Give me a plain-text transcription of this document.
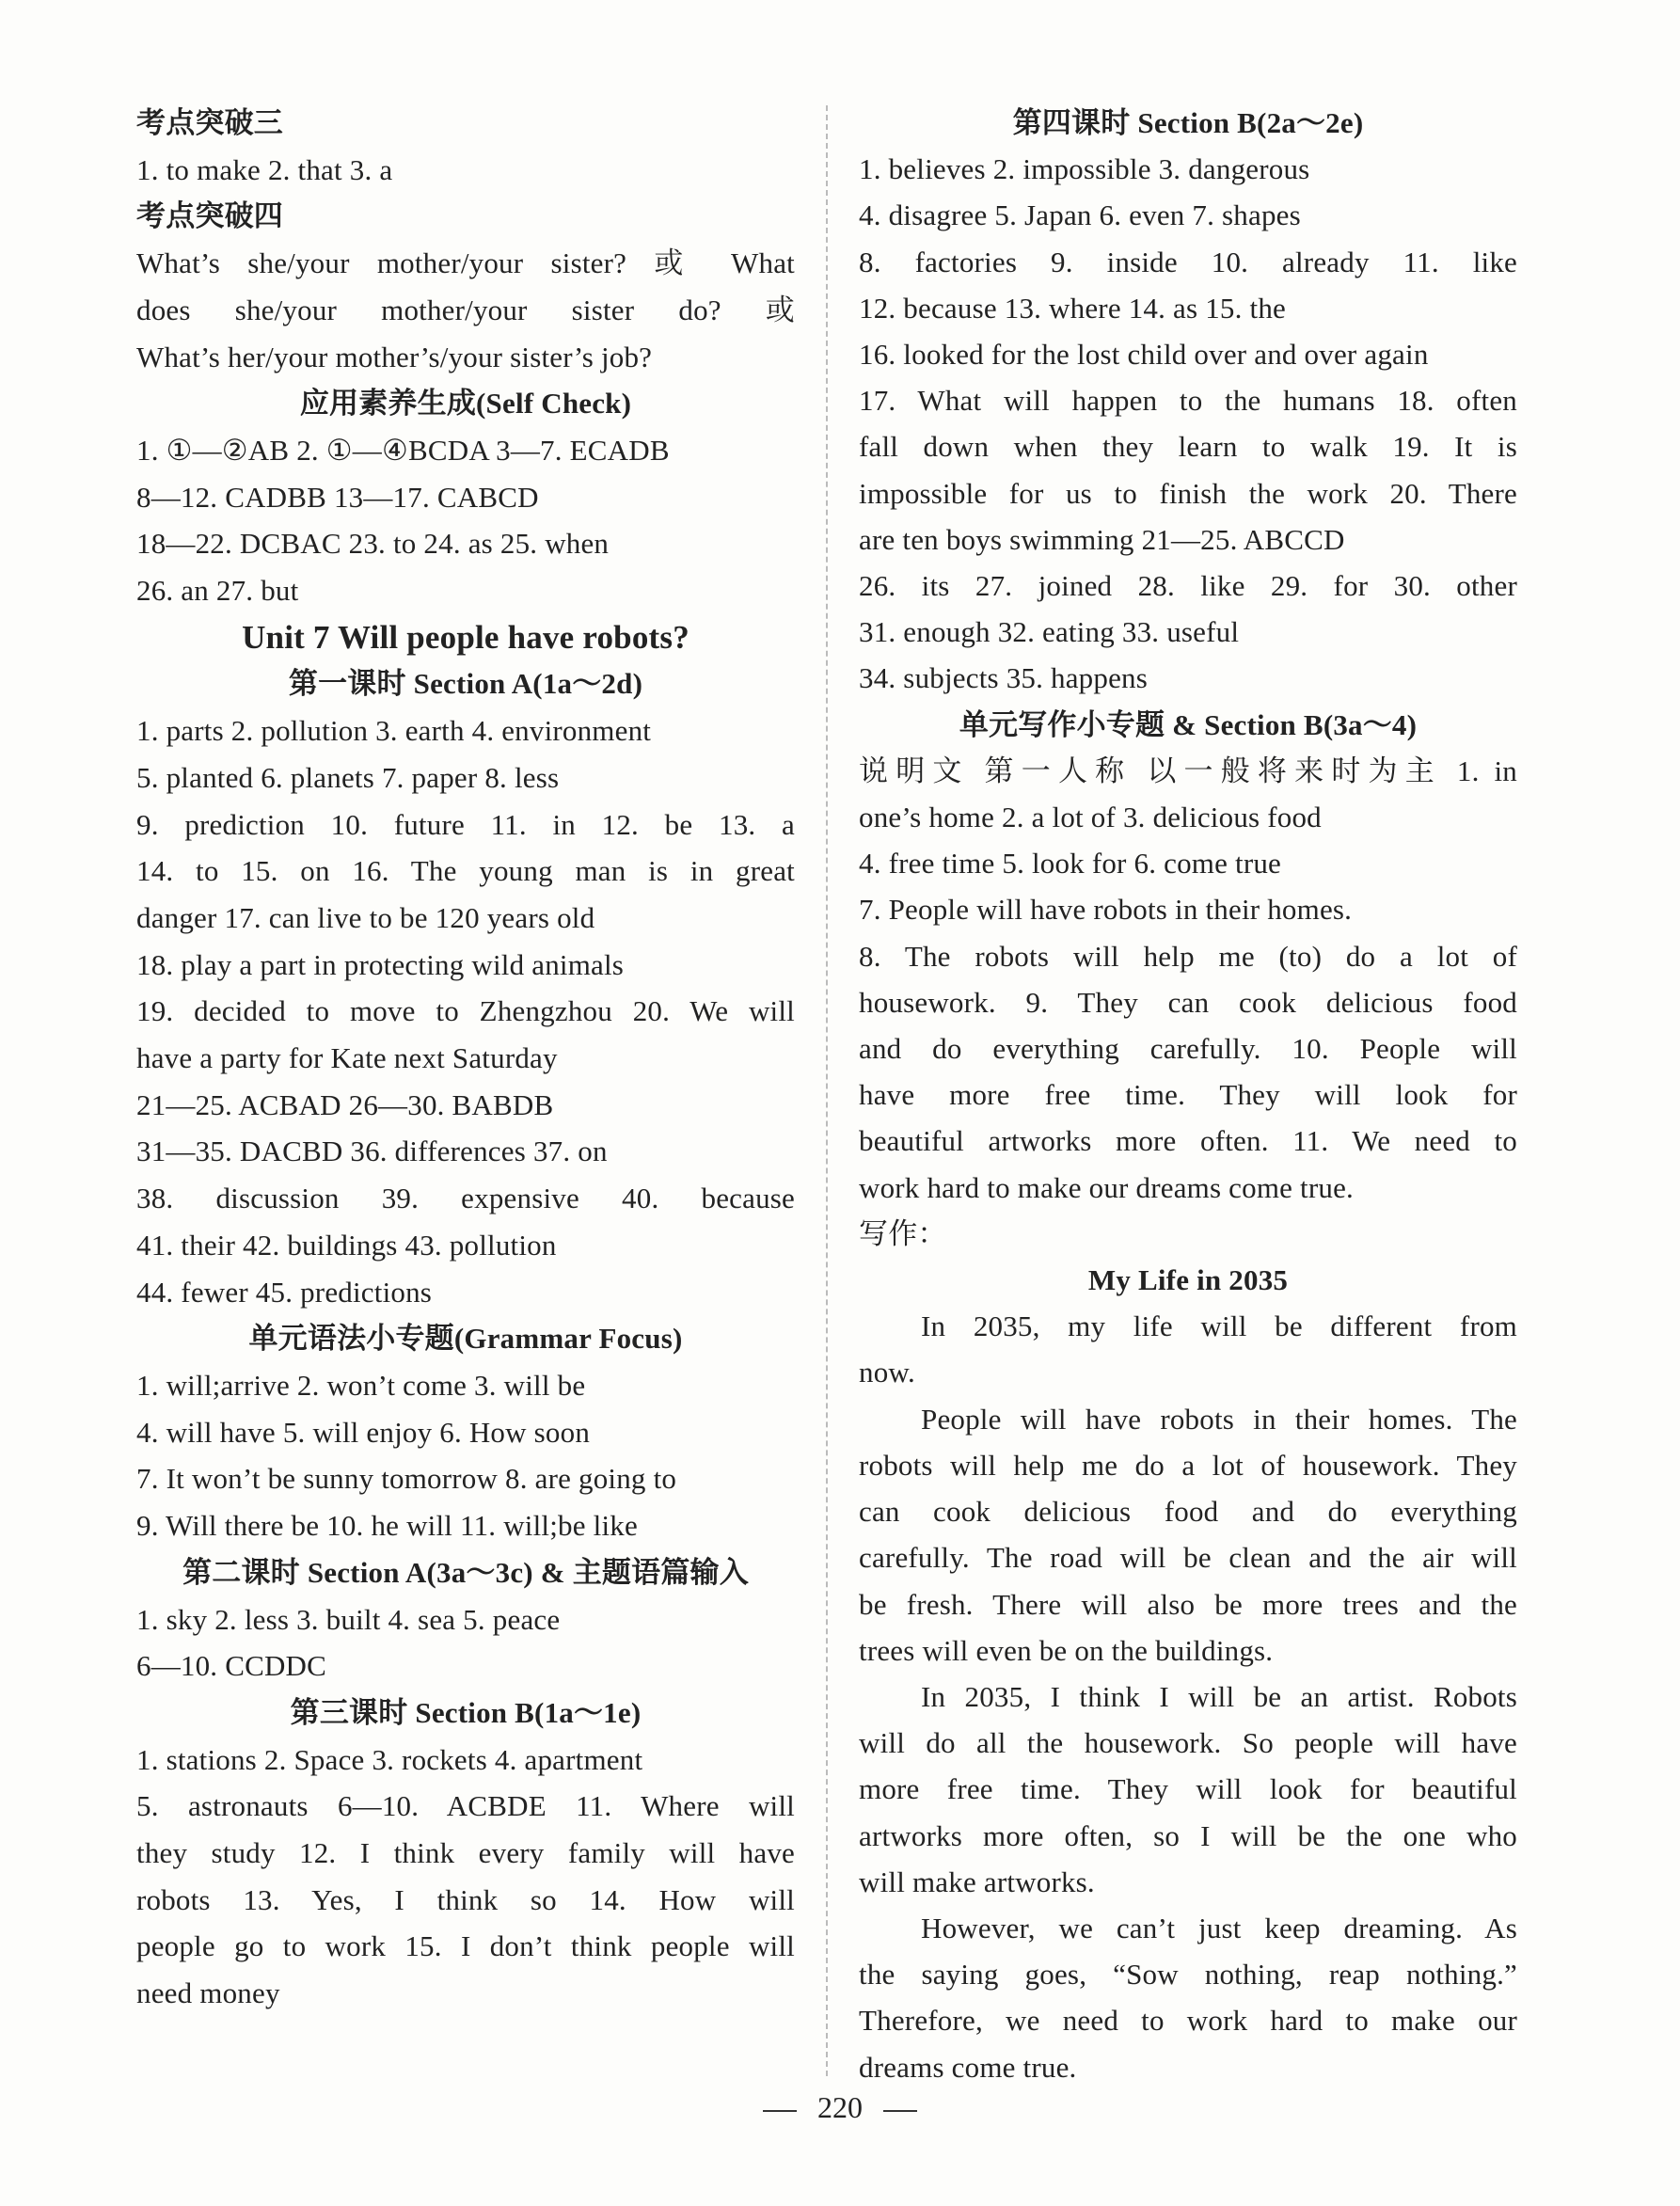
考点突破三
1. to make 2. that 3. a
考点突破四
What’s she/your mother/your sister? 或 What
does she/your mother/your sister do? 或
What’s her/your mother’s/your sister’s job?
应用素养生成(Self Check)
1. ①—②AB 2. ①—④BCDA 3—7. ECADB
8—12. CADBB 13—17. CABCD
18—22. DCBAC 23. to 24. as 25. when
26. an 27. but
Unit 7 Will people have robots?
第一课时 Section A(1a～2d)
1. parts 2. pollution 3. earth 4. environment
5. planted 6. planets 7. paper 8. less
9. prediction 10. future 11. in 12. be 13. a
14. to 15. on 16. The young man is in great
danger 17. can live to be 120 years old
18. play a part in protecting wild animals
19. decided to move to Zhengzhou 20. We will
have a party for Kate next Saturday
21—25. ACBAD 26—30. BABDB
31—35. DACBD 36. differences 37. on
38. discussion 39. expensive 40. because
41. their 42. buildings 43. pollution
44. fewer 45. predictions
单元语法小专题(Grammar Focus)
1. will;arrive 2. won’t come 3. will be
4. will have 5. will enjoy 6. How soon
7. It won’t be sunny tomorrow 8. are going to
9. Will there be 10. he will 11. will;be like
第二课时 Section A(3a～3c) & 主题语篇输入
1. sky 2. less 3. built 4. sea 5. peace
6—10. CCDDC
第三课时 Section B(1a～1e)
1. stations 2. Space 3. rockets 4. apartment
5. astronauts 6—10. ACBDE 11. Where will
they study 12. I think every family will have
robots 13. Yes, I think so 14. How will
people go to work 15. I don’t think people will
need money
第四课时 Section B(2a～2e)
1. believes 2. impossible 3. dangerous
4. disagree 5. Japan 6. even 7. shapes
8. factories 9. inside 10. already 11. like
12. because 13. where 14. as 15. the
16. looked for the lost child over and over again
17. What will happen to the humans 18. often
fall down when they learn to walk 19. It is
impossible for us to finish the work 20. There
are ten boys swimming 21—25. ABCCD
26. its 27. joined 28. like 29. for 30. other
31. enough 32. eating 33. useful
34. subjects 35. happens
单元写作小专题 & Section B(3a～4)
说明文 第一人称 以一般将来时为主 1. in
one’s home 2. a lot of 3. delicious food
4. free time 5. look for 6. come true
7. People will have robots in their homes.
8. The robots will help me (to) do a lot of
housework. 9. They can cook delicious food
and do everything carefully. 10. People will
have more free time. They will look for
beautiful artworks more often. 11. We need to
work hard to make our dreams come true.
写作：
My Life in 2035
In 2035, my life will be different from
now.
People will have robots in their homes. The
robots will help me do a lot of housework. They
can cook delicious food and do everything
carefully. The road will be clean and the air will
be fresh. There will also be more trees and the
trees will even be on the buildings.
In 2035, I think I will be an artist. Robots
will do all the housework. So people will have
more free time. They will look for beautiful
artworks more often, so I will be the one who
will make artworks.
However, we can’t just keep dreaming. As
the saying goes, “Sow nothing, reap nothing.”
Therefore, we need to work hard to make our
dreams come true.
220
